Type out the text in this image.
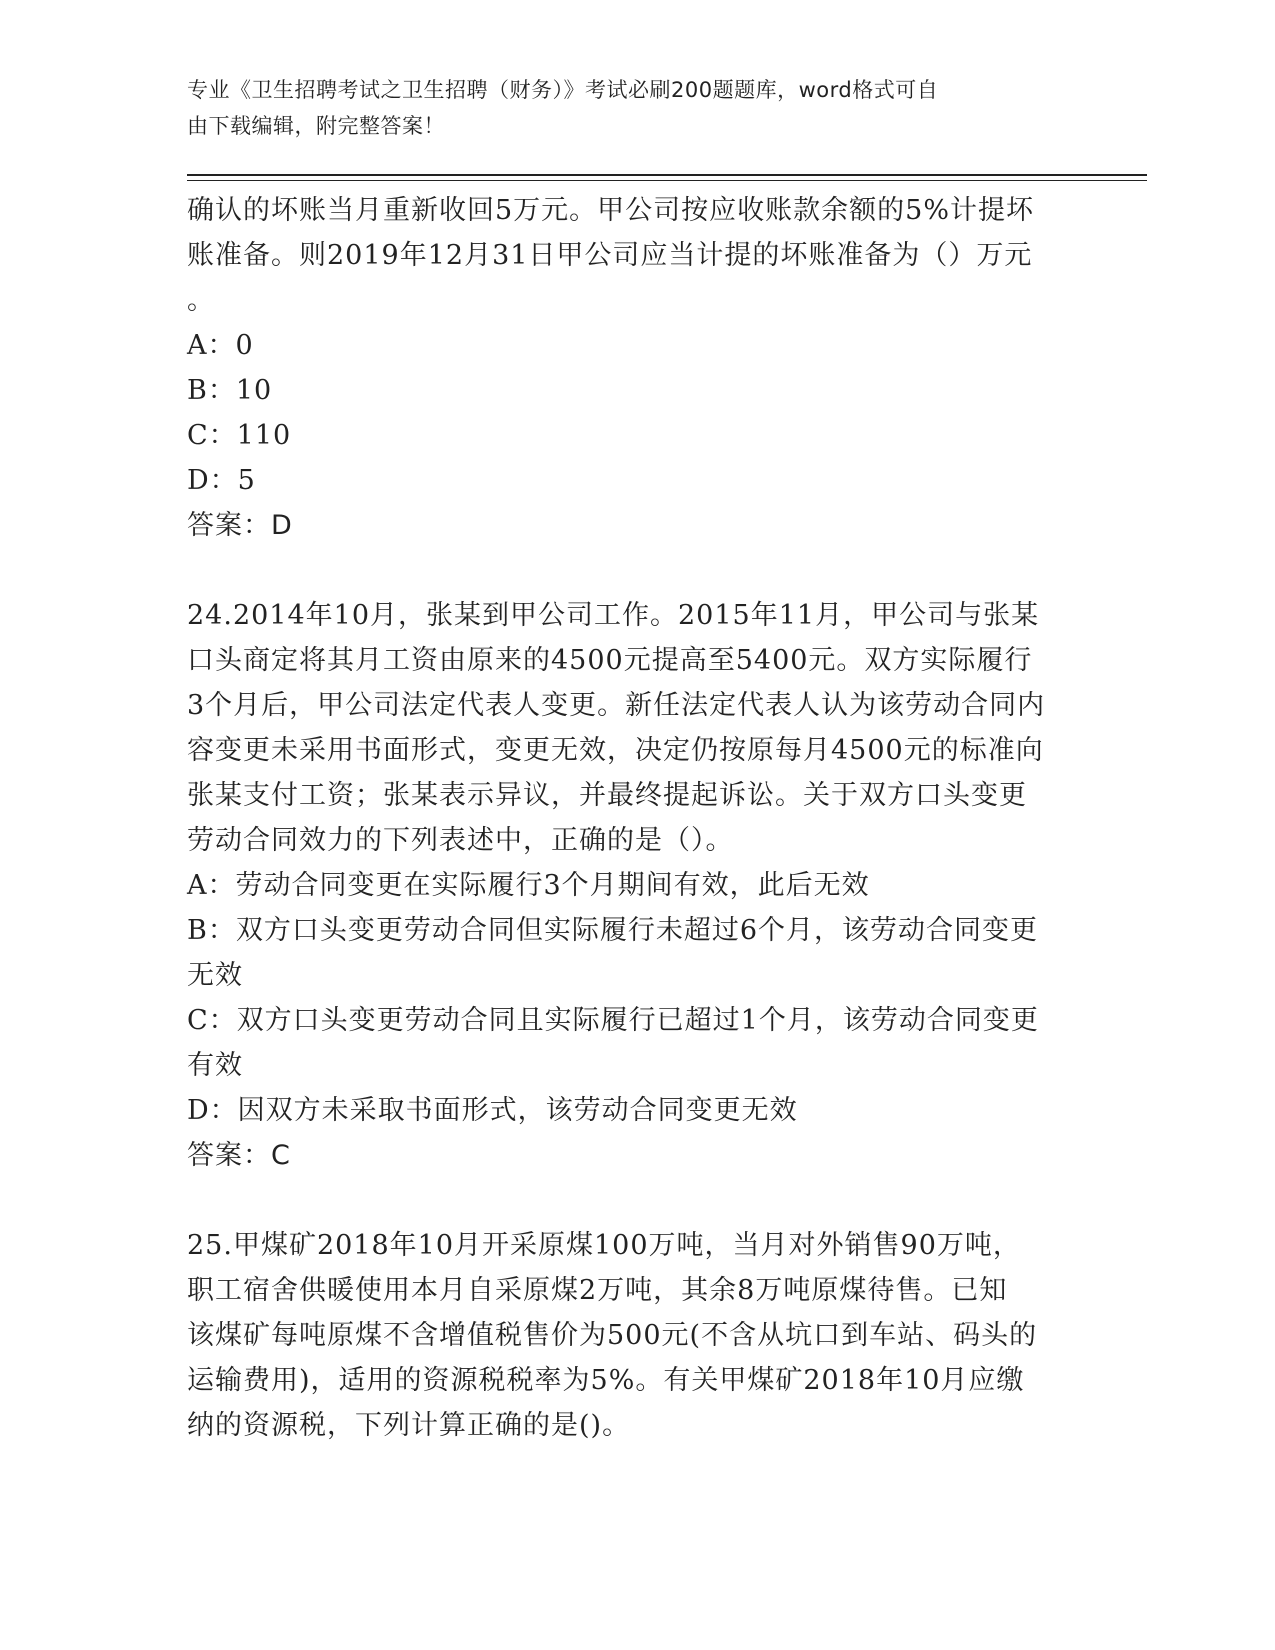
专业《卫生招聘考试之卫生招聘（财务）》考试必刷200题题库，word格式可自
由下载编辑，附完整答案！
确认的坏账当月重新收回5万元。甲公司按应收账款余额的5%计提坏
账准备。则2019年12月31日甲公司应当计提的坏账准备为（）万元
。
A：0
B：10
C：110
D：5
答案：D
24.2014年10月，张某到甲公司工作。2015年11月，甲公司与张某
口头商定将其月工资由原来的4500元提高至5400元。双方实际履行
3个月后，甲公司法定代表人变更。新任法定代表人认为该劳动合同内
容变更未采用书面形式，变更无效，决定仍按原每月4500元的标准向
张某支付工资；张某表示异议，并最终提起诉讼。关于双方口头变更
劳动合同效力的下列表述中，正确的是（）。
A：劳动合同变更在实际履行3个月期间有效，此后无效
B：双方口头变更劳动合同但实际履行未超过6个月，该劳动合同变更
无效
C：双方口头变更劳动合同且实际履行已超过1个月，该劳动合同变更
有效
D：因双方未采取书面形式，该劳动合同变更无效
答案：C
25.甲煤矿2018年10月开采原煤100万吨，当月对外销售90万吨，
职工宿舍供暖使用本月自采原煤2万吨，其余8万吨原煤待售。已知
该煤矿每吨原煤不含增值税售价为500元(不含从坑口到车站、码头的
运输费用)，适用的资源税税率为5%。有关甲煤矿2018年10月应缴
纳的资源税，下列计算正确的是()。
